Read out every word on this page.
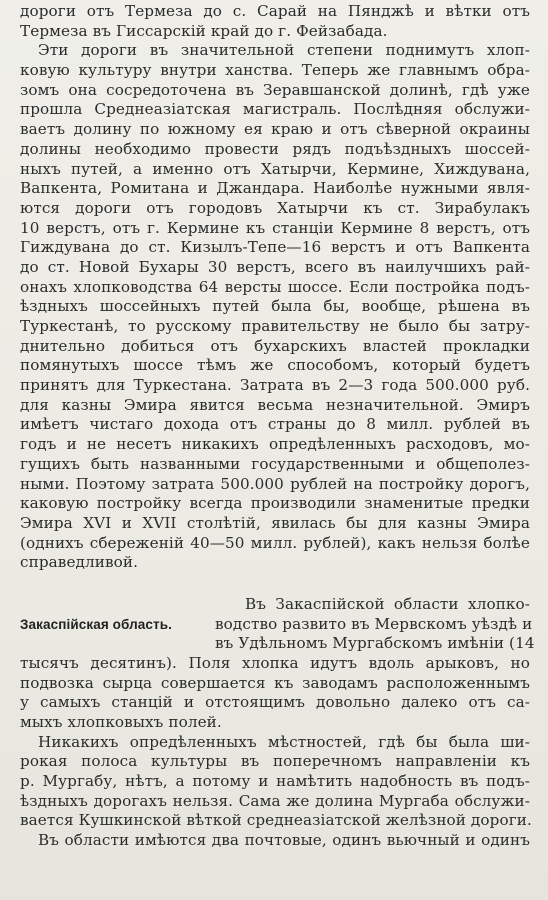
дороги отъ Термеза до с. Сарай на Пянджѣ и вѣтки отъ
Термеза въ Гиссарскiй край до г. Фейзабада.
Эти дороги въ значительной степени поднимутъ хлоп-
ковую культуру внутри ханства. Теперь же главнымъ обра-
зомъ она сосредоточена въ Зеравшанской долинѣ, гдѣ уже
прошла Среднеазiатская магистраль. Послѣдняя обслужи-
ваетъ долину по южному ея краю и отъ сѣверной окраины
долины необходимо провести рядъ подъѣздныхъ шоссей-
ныхъ путей, а именно отъ Хатырчи, Кермине, Хиждувана,
Вапкента, Ромитана и Джандара. Наиболѣе нужными явля-
ются дороги отъ городовъ Хатырчи къ ст. Зирабулакъ
10 верстъ, отъ г. Кермине къ станцiи Кермине 8 верстъ, отъ
Гиждувана до ст. Кизылъ-Тепе—16 верстъ и отъ Вапкента
до ст. Новой Бухары 30 верстъ, всего въ наилучшихъ рай-
онахъ хлопководства 64 версты шоссе. Если постройка подъ-
ѣздныхъ шоссейныхъ путей была бы, вообще, рѣшена въ
Туркестанѣ, то русскому правительству не было бы затру-
днительно добиться отъ бухарскихъ властей прокладки
помянутыхъ шоссе тѣмъ же способомъ, который будетъ
принятъ для Туркестана. Затрата въ 2—3 года 500.000 руб.
для казны Эмира явится весьма незначительной. Эмиръ
имѣетъ чистаго дохода отъ страны до 8 милл. рублей въ
годъ и не несетъ никакихъ опредѣленныхъ расходовъ, мо-
гущихъ быть названными государственными и общеполез-
ными. Поэтому затрата 500.000 рублей на постройку дорогъ,
каковую постройку всегда производили знаменитые предки
Эмира XVI и XVII столѣтiй, явилась бы для казны Эмира
(однихъ сбереженiй 40—50 милл. рублей), какъ нельзя болѣе
справедливой.
Закаспiйская область.
Въ Закаспiйской области хлопко-
водство развито въ Мервскомъ уѣздѣ и
въ Удѣльномъ Мургабскомъ имѣнiи (14
тысячъ десятинъ). Поля хлопка идутъ вдоль арыковъ, но
подвозка сырца совершается къ заводамъ расположеннымъ
у самыхъ станцiй и отстоящимъ довольно далеко отъ са-
мыхъ хлопковыхъ полей.
Никакихъ опредѣленныхъ мѣстностей, гдѣ бы была ши-
рокая полоса культуры въ поперечномъ направленiи къ
р. Мургабу, нѣтъ, а потому и намѣтить надобность въ подъ-
ѣздныхъ дорогахъ нельзя. Сама же долина Мургаба обслужи-
вается Кушкинской вѣткой среднеазiатской желѣзной дороги.
Въ области имѣются два почтовые, одинъ вьючный и одинъ
